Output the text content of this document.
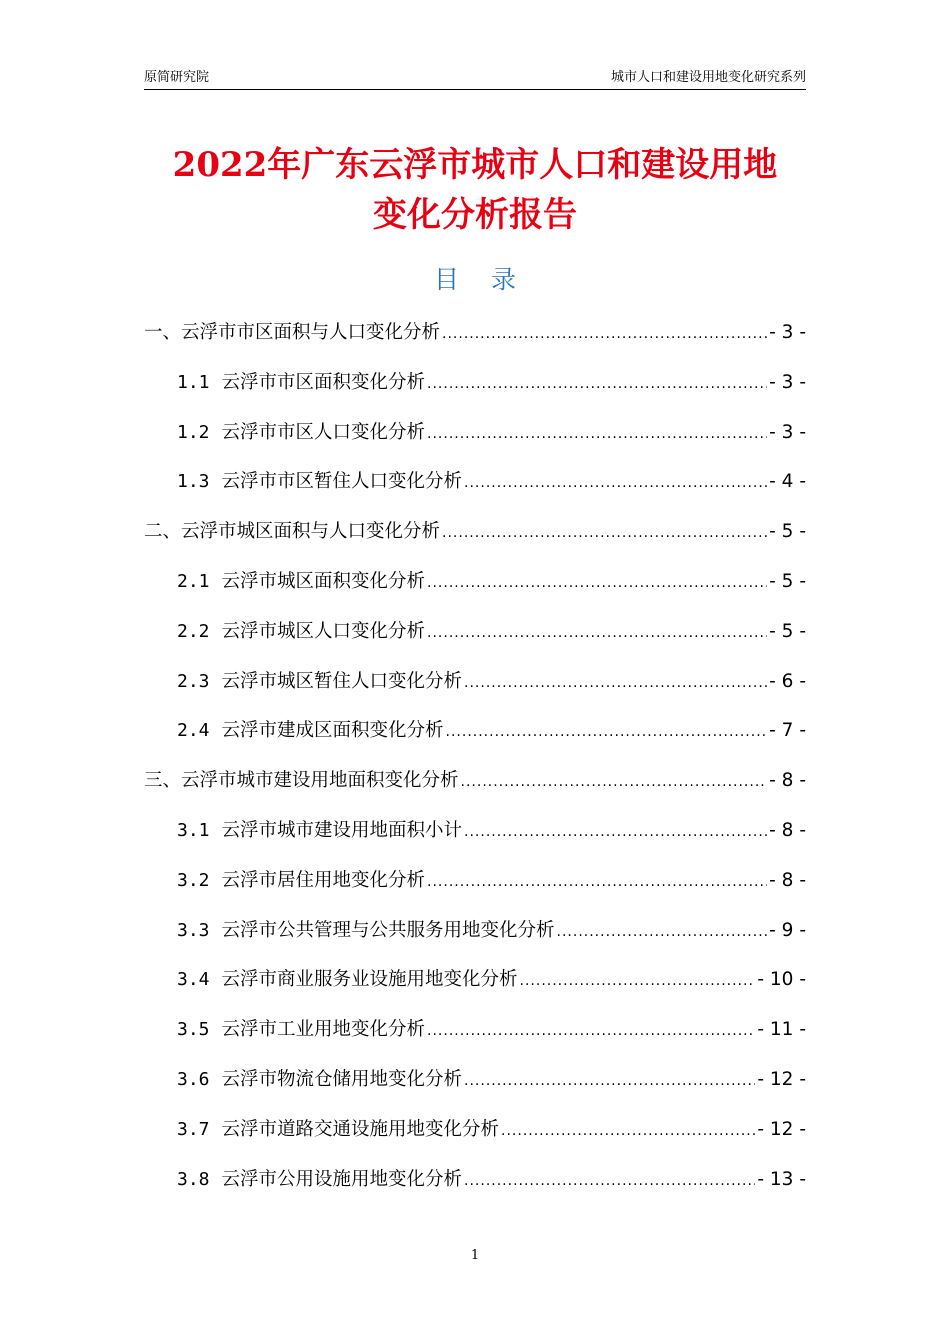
原简研究院	城市人口和建设用地变化研究系列
2022年广东云浮市城市人口和建设用地
变化分析报告
目 录
一、云浮市市区面积与人口变化分析 .....	- 3 -
1.1 云浮市市区面积变化分析 .....	- 3 -
1.2 云浮市市区人口变化分析 .....	- 3 -
1.3 云浮市市区暂住人口变化分析 .....	- 4 -
二、云浮市城区面积与人口变化分析 .....	- 5 -
2.1 云浮市城区面积变化分析 .....	- 5 -
2.2 云浮市城区人口变化分析 .....	- 5 -
2.3 云浮市城区暂住人口变化分析 .....	- 6 -
2.4 云浮市建成区面积变化分析 .....	- 7 -
三、云浮市城市建设用地面积变化分析 .....	- 8 -
3.1 云浮市城市建设用地面积小计 .....	- 8 -
3.2 云浮市居住用地变化分析 .....	- 8 -
3.3 云浮市公共管理与公共服务用地变化分析 .....	- 9 -
3.4 云浮市商业服务业设施用地变化分析 .....	- 10 -
3.5 云浮市工业用地变化分析 .....	- 11 -
3.6 云浮市物流仓储用地变化分析 .....	- 12 -
3.7 云浮市道路交通设施用地变化分析 .....	- 12 -
3.8 云浮市公用设施用地变化分析 .....	- 13 -
1
